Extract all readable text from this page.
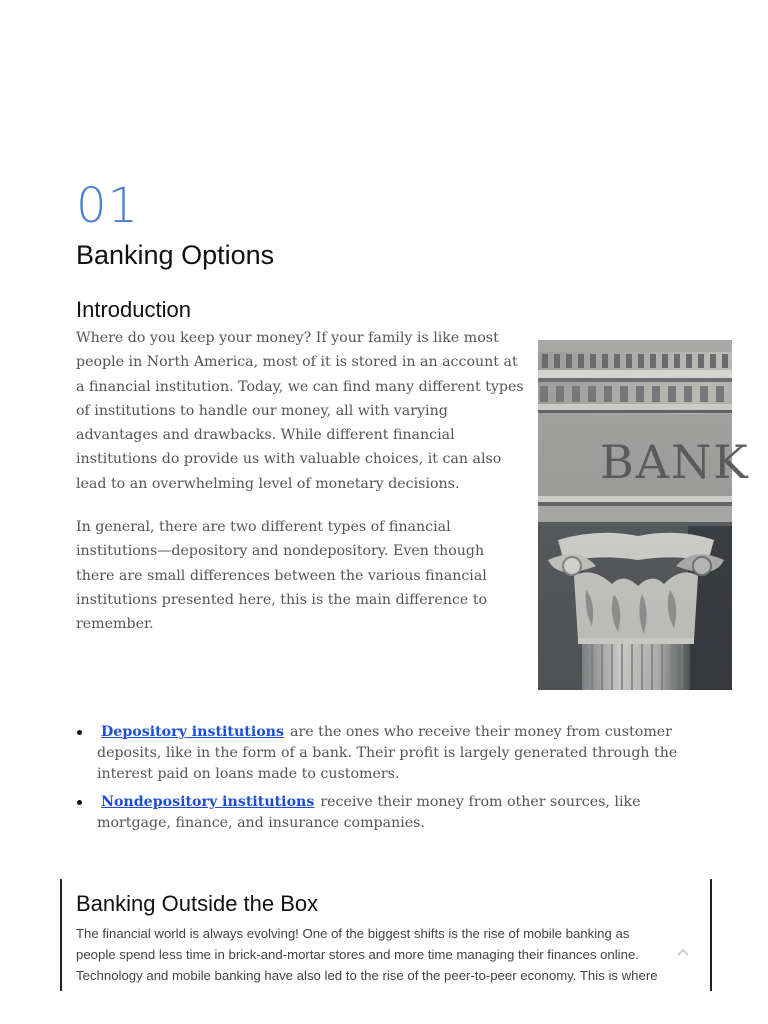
01
Banking Options
Introduction

Where do you keep your money? If your family is like most people in North America, most of it is stored in an account at a financial institution. Today, we can find many different types of institutions to handle our money, all with varying advantages and drawbacks. While different financial institutions do provide us with valuable choices, it can also lead to an overwhelming level of monetary decisions.

In general, there are two different types of financial institutions—depository and nondepository. Even though there are small differences between the various financial institutions presented here, this is the main difference to remember.

BANK
Depository institutions are the ones who receive their money from customer deposits, like in the form of a bank. Their profit is largely generated through the interest paid on loans made to customers.
Nondepository institutions receive their money from other sources, like mortgage, finance, and insurance companies.
Banking Outside the Box

The financial world is always evolving! One of the biggest shifts is the rise of mobile banking as
people spend less time in brick-and-mortar stores and more time managing their finances online.
Technology and mobile banking have also led to the rise of the peer-to-peer economy. This is where
